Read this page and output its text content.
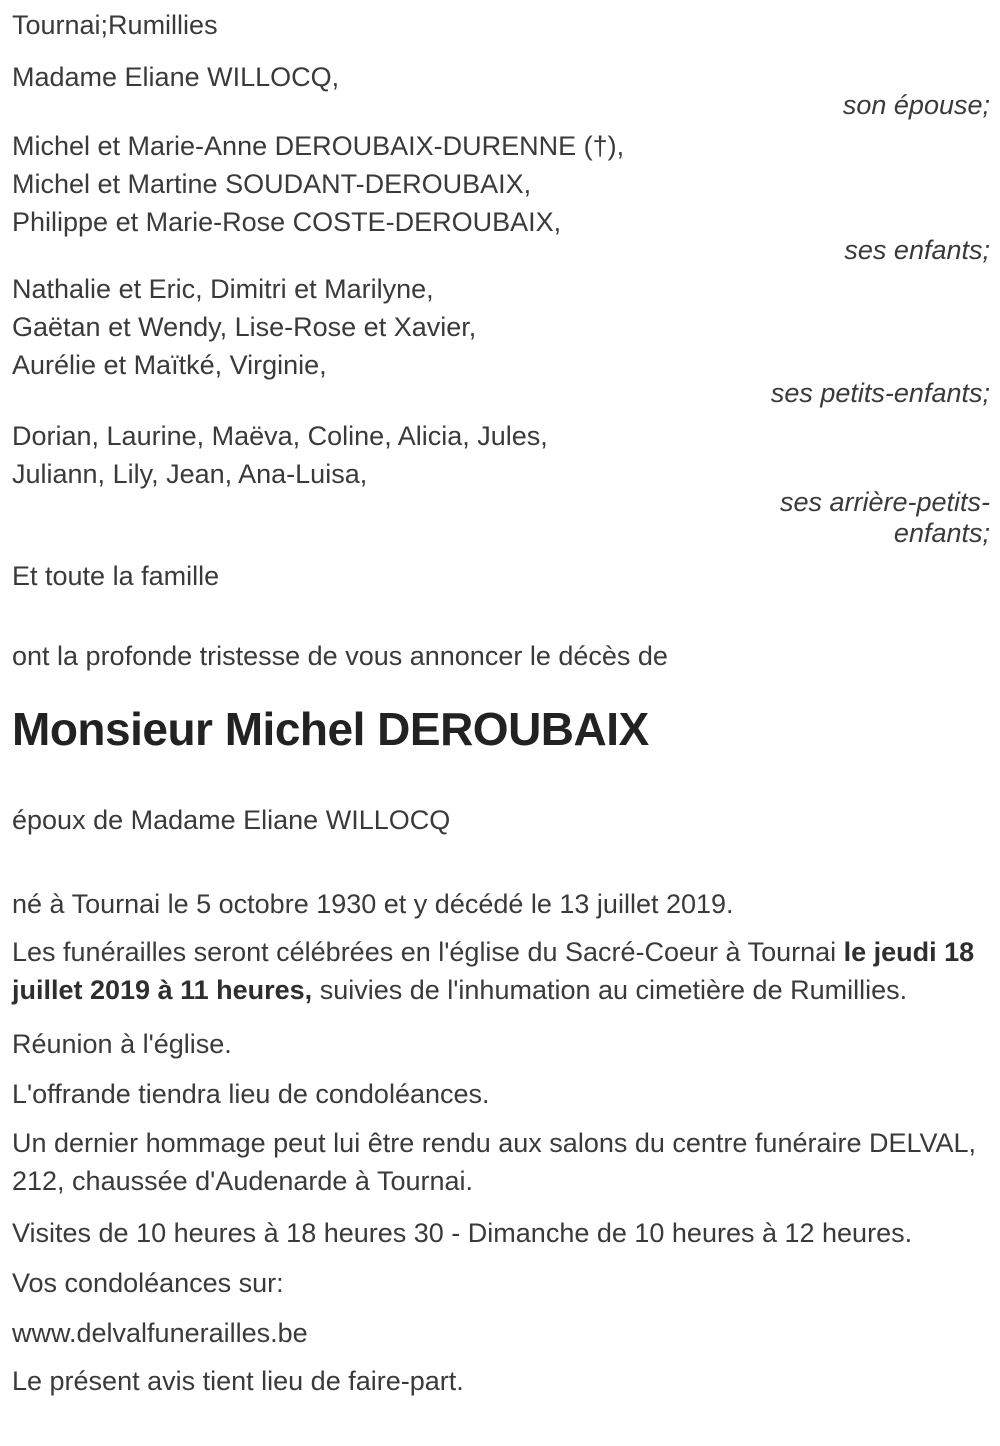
Tournai;Rumillies

Madame Eliane WILLOCQ,

son épouse;

Michel et Marie-Anne DEROUBAIX-DURENNE (†),

Michel et Martine SOUDANT-DEROUBAIX,

Philippe et Marie-Rose COSTE-DEROUBAIX,

ses enfants;

Nathalie et Eric, Dimitri et Marilyne,

Gaëtan et Wendy, Lise-Rose et Xavier,

Aurélie et Maïtké, Virginie,

ses petits-enfants;

Dorian, Laurine, Maëva, Coline, Alicia, Jules,

Juliann, Lily, Jean, Ana-Luisa,

ses arrière-petits-enfants;

Et toute la famille

ont la profonde tristesse de vous annoncer le décès de

Monsieur Michel DEROUBAIX

époux de Madame Eliane WILLOCQ

né à Tournai le 5 octobre 1930 et y décédé le 13 juillet 2019.

Les funérailles seront célébrées en l'église du Sacré-Coeur à Tournai le jeudi 18 juillet 2019 à 11 heures, suivies de l'inhumation au cimetière de Rumillies.

Réunion à l'église.

L'offrande tiendra lieu de condoléances.

Un dernier hommage peut lui être rendu aux salons du centre funéraire DELVAL, 212, chaussée d'Audenarde à Tournai.

Visites de 10 heures à 18 heures 30 - Dimanche de 10 heures à 12 heures.

Vos condoléances sur:

www.delvalfunerailles.be

Le présent avis tient lieu de faire-part.
